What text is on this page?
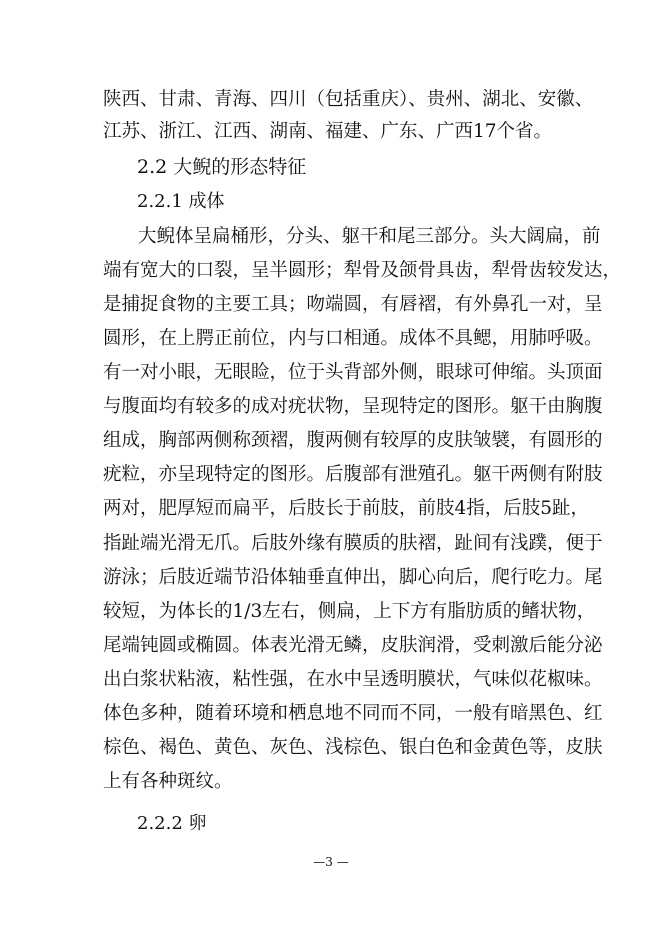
陕西、甘肃、青海、四川（包括重庆）、贵州、湖北、安徽、
江苏、浙江、江西、湖南、福建、广东、广西17个省。
2.2 大鲵的形态特征
2.2.1 成体
大鲵体呈扁桶形，分头、躯干和尾三部分。头大阔扁，前
端有宽大的口裂，呈半圆形；犁骨及颌骨具齿，犁骨齿较发达，
是捕捉食物的主要工具；吻端圆，有唇褶，有外鼻孔一对，呈
圆形，在上腭正前位，内与口相通。成体不具鳃，用肺呼吸。
有一对小眼，无眼睑，位于头背部外侧，眼球可伸缩。头顶面
与腹面均有较多的成对疣状物，呈现特定的图形。躯干由胸腹
组成，胸部两侧称颈褶，腹两侧有较厚的皮肤皱襞，有圆形的
疣粒，亦呈现特定的图形。后腹部有泄殖孔。躯干两侧有附肢
两对，肥厚短而扁平，后肢长于前肢，前肢4指，后肢5趾，
指趾端光滑无爪。后肢外缘有膜质的肤褶，趾间有浅蹼，便于
游泳；后肢近端节沿体轴垂直伸出，脚心向后，爬行吃力。尾
较短，为体长的1/3左右，侧扁，上下方有脂肪质的鳍状物，
尾端钝圆或椭圆。体表光滑无鳞，皮肤润滑，受刺激后能分泌
出白浆状粘液，粘性强，在水中呈透明膜状，气味似花椒味。
体色多种，随着环境和栖息地不同而不同，一般有暗黑色、红
棕色、褐色、黄色、灰色、浅棕色、银白色和金黄色等，皮肤
上有各种斑纹。
2.2.2 卵
—3 —
